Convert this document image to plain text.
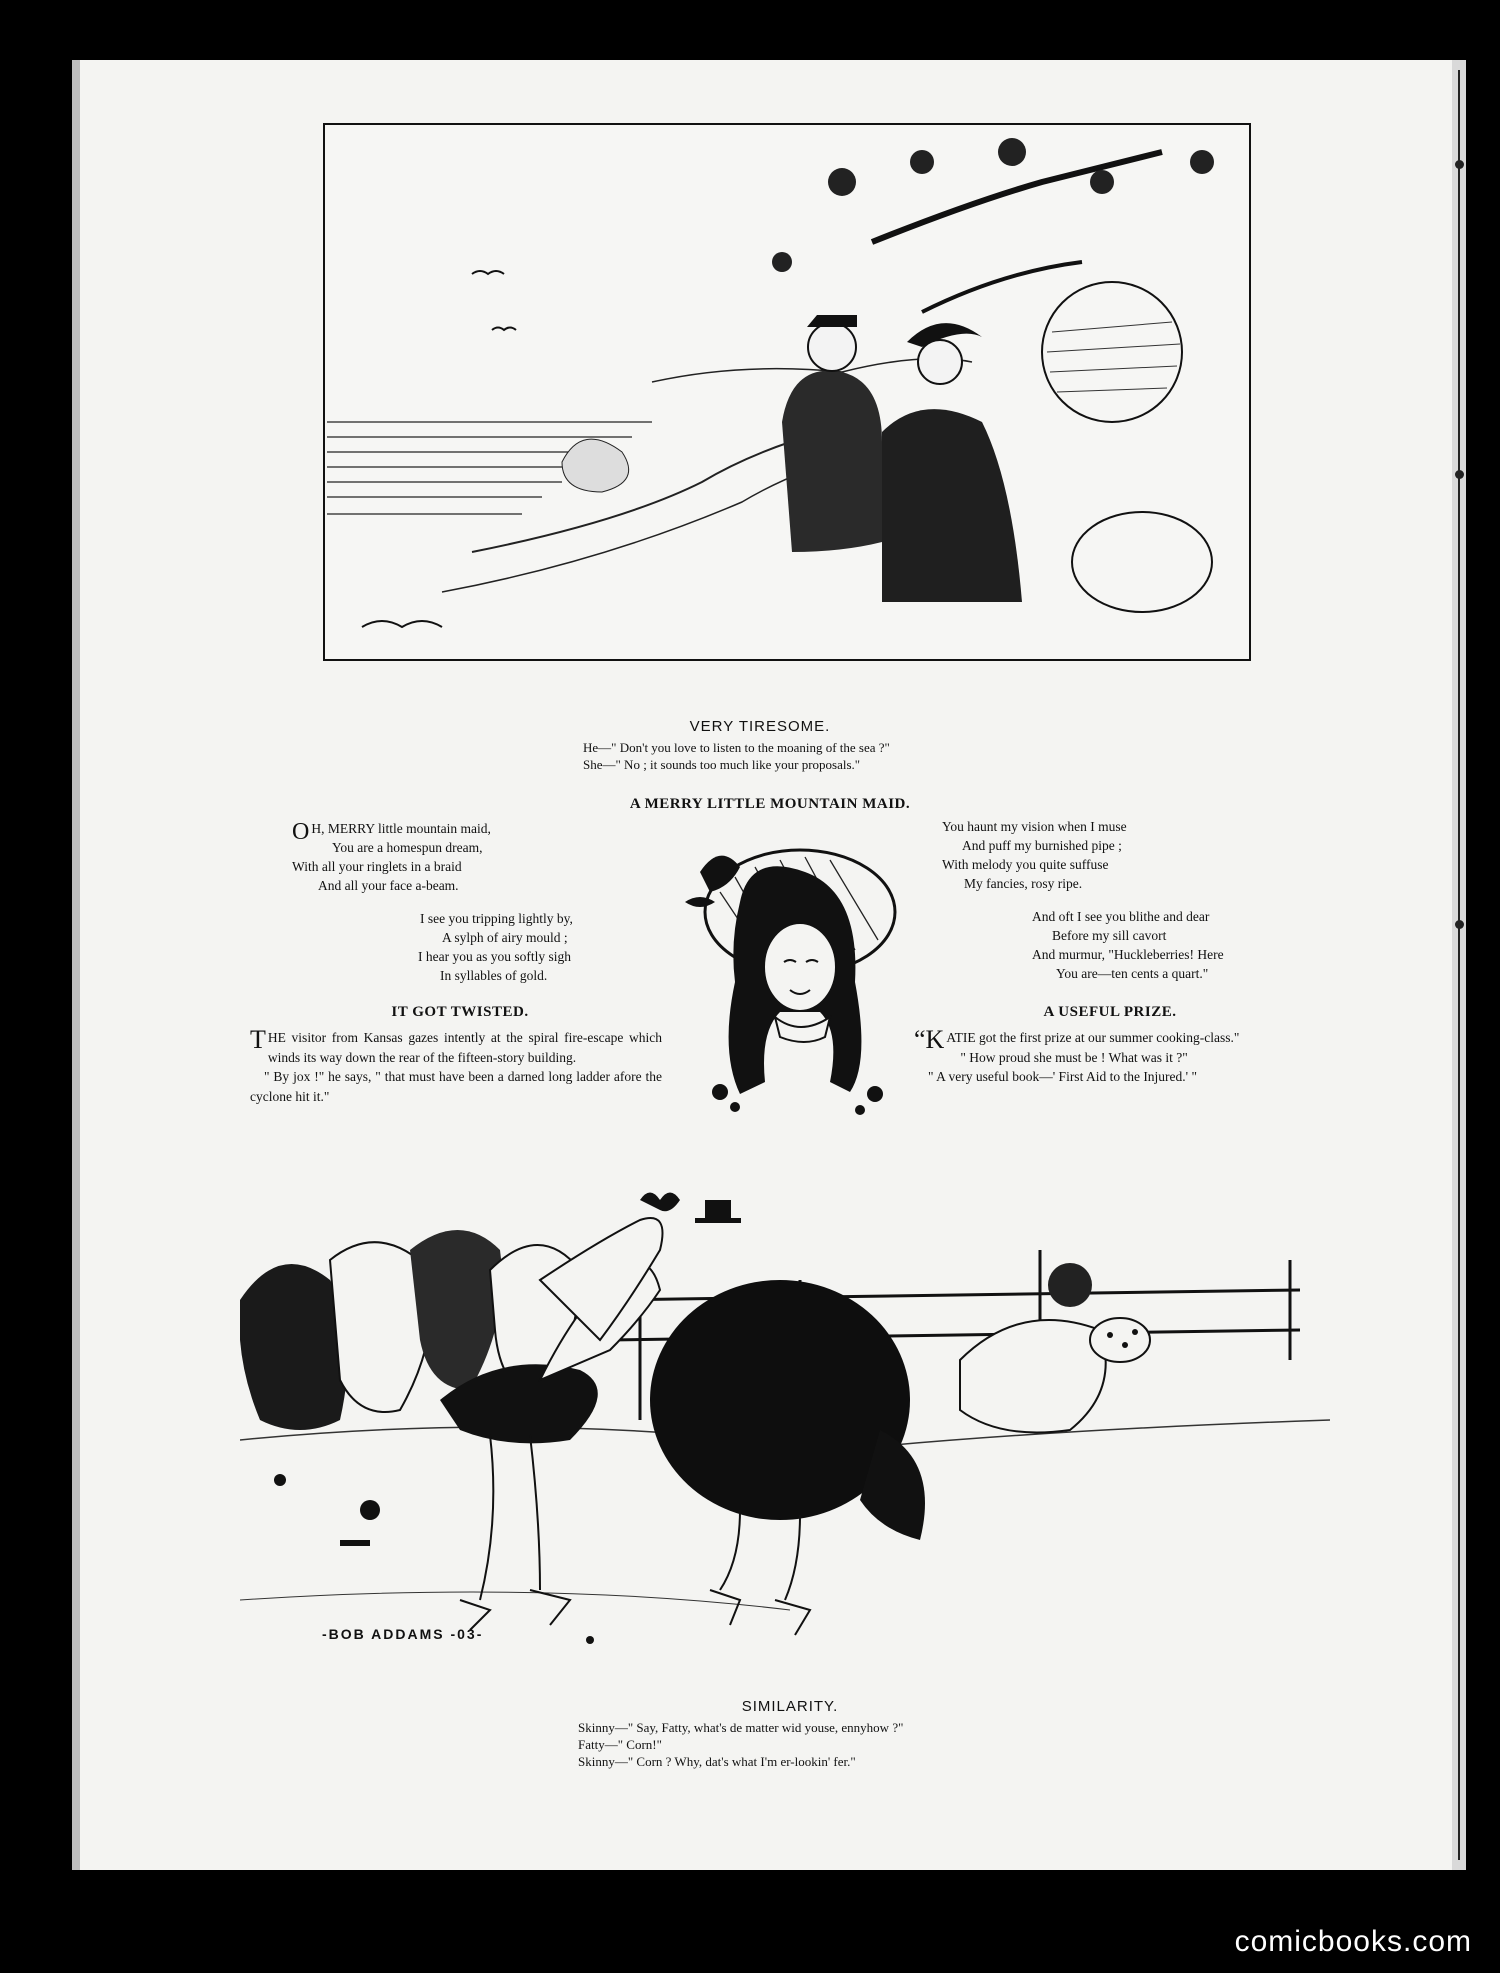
VERY TIRESOME.
He—" Don't you love to listen to the moaning of the sea ?"
She—" No ; it sounds too much like your proposals."
A MERRY LITTLE MOUNTAIN MAID.
O H, MERRY little mountain maid,
You are a homespun dream,
With all your ringlets in a braid
And all your face a-beam.
I see you tripping lightly by,
A sylph of airy mould ;
I hear you as you softly sigh
In syllables of gold.
You haunt my vision when I muse
And puff my burnished pipe ;
With melody you quite suffuse
My fancies, rosy ripe.
And oft I see you blithe and dear
Before my sill cavort
And murmur, "Huckleberries! Here
You are—ten cents a quart."
IT GOT TWISTED.

THE visitor from Kansas gazes intently at the spiral fire-escape which winds its way down the rear of the fifteen-story building.

" By jox !" he says, " that must have been a darned long ladder afore the cyclone hit it."

A USEFUL PRIZE.

“KATIE got the first prize at our summer cooking-class."

" How proud she must be ! What was it ?"

" A very useful book—' First Aid to the Injured.' "

-BOB ADDAMS -03-
SIMILARITY.
Skinny—" Say, Fatty, what's de matter wid youse, ennyhow ?"
Fatty—" Corn!"
Skinny—" Corn ? Why, dat's what I'm er-lookin' fer."
comicbooks.com
